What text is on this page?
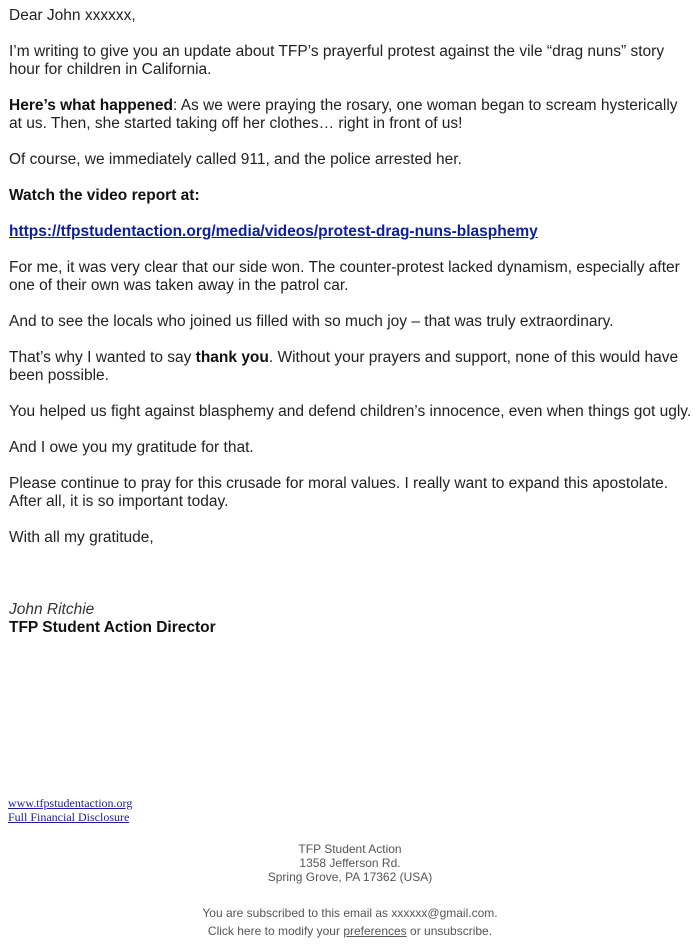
Dear John xxxxxx,

I’m writing to give you an update about TFP’s prayerful protest against the vile “drag nuns” story hour for children in California.

Here’s what happened: As we were praying the rosary, one woman began to scream hysterically at us. Then, she started taking off her clothes… right in front of us!

Of course, we immediately called 911, and the police arrested her.

Watch the video report at:

https://tfpstudentaction.org/media/videos/protest-drag-nuns-blasphemy

For me, it was very clear that our side won. The counter-protest lacked dynamism, especially after one of their own was taken away in the patrol car.

And to see the locals who joined us filled with so much joy – that was truly extraordinary.

That’s why I wanted to say thank you. Without your prayers and support, none of this would have been possible.

You helped us fight against blasphemy and defend children’s innocence, even when things got ugly.

And I owe you my gratitude for that.

Please continue to pray for this crusade for moral values. I really want to expand this apostolate. After all, it is so important today.

With all my gratitude,

John Ritchie
TFP Student Action Director
www.tfpstudentaction.org
Full Financial Disclosure
TFP Student Action
1358 Jefferson Rd.
Spring Grove, PA 17362 (USA)
You are subscribed to this email as xxxxxx@gmail.com.
Click here to modify your preferences or unsubscribe.
